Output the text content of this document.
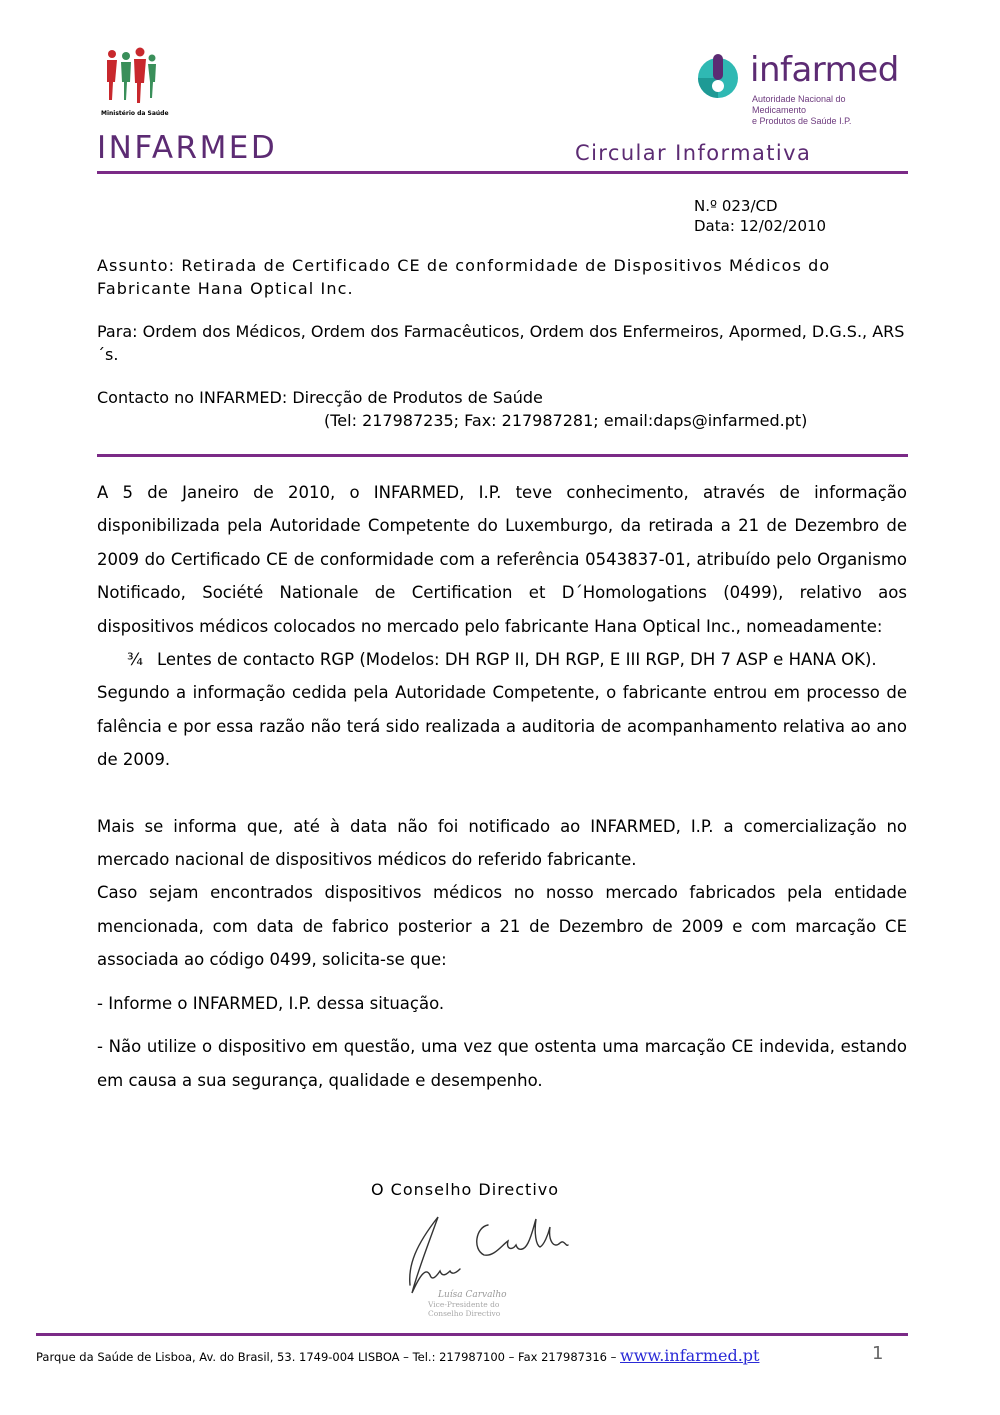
Ministério da Saúde
infarmed
Autoridade Nacional do Medicamento
e Produtos de Saúde I.P.
INFARMED	Circular Informativa
N.º 023/CD
Data: 12/02/2010
Assunto: Retirada de Certificado CE de conformidade de Dispositivos Médicos do Fabricante Hana Optical Inc.
Para: Ordem dos Médicos, Ordem dos Farmacêuticos, Ordem dos Enfermeiros, Apormed, D.G.S., ARS´s.
Contacto no INFARMED: Direcção de Produtos de Saúde
(Tel: 217987235; Fax: 217987281; email:daps@infarmed.pt)

A 5 de Janeiro de 2010, o INFARMED, I.P. teve conhecimento, através de informação disponibilizada pela Autoridade Competente do Luxemburgo, da retirada a 21 de Dezembro de 2009 do Certificado CE de conformidade com a referência 0543837-01, atribuído pelo Organismo Notificado, Société Nationale de Certification et D´Homologations (0499), relativo aos dispositivos médicos colocados no mercado pelo fabricante Hana Optical Inc., nomeadamente:

¾ Lentes de contacto RGP (Modelos: DH RGP II, DH RGP, E III RGP, DH 7 ASP e HANA OK).

Segundo a informação cedida pela Autoridade Competente, o fabricante entrou em processo de falência e por essa razão não terá sido realizada a auditoria de acompanhamento relativa ao ano de 2009.

Mais se informa que, até à data não foi notificado ao INFARMED, I.P. a comercialização no mercado nacional de dispositivos médicos do referido fabricante.

Caso sejam encontrados dispositivos médicos no nosso mercado fabricados pela entidade mencionada, com data de fabrico posterior a 21 de Dezembro de 2009 e com marcação CE associada ao código 0499, solicita-se que:

- Informe o INFARMED, I.P. dessa situação.

- Não utilize o dispositivo em questão, uma vez que ostenta uma marcação CE indevida, estando em causa a sua segurança, qualidade e desempenho.

O Conselho Directivo
Luísa Carvalho
Vice-Presidente do
Conselho Directivo
Parque da Saúde de Lisboa, Av. do Brasil, 53. 1749-004 LISBOA – Tel.: 217987100 – Fax 217987316 – www.infarmed.pt	1
